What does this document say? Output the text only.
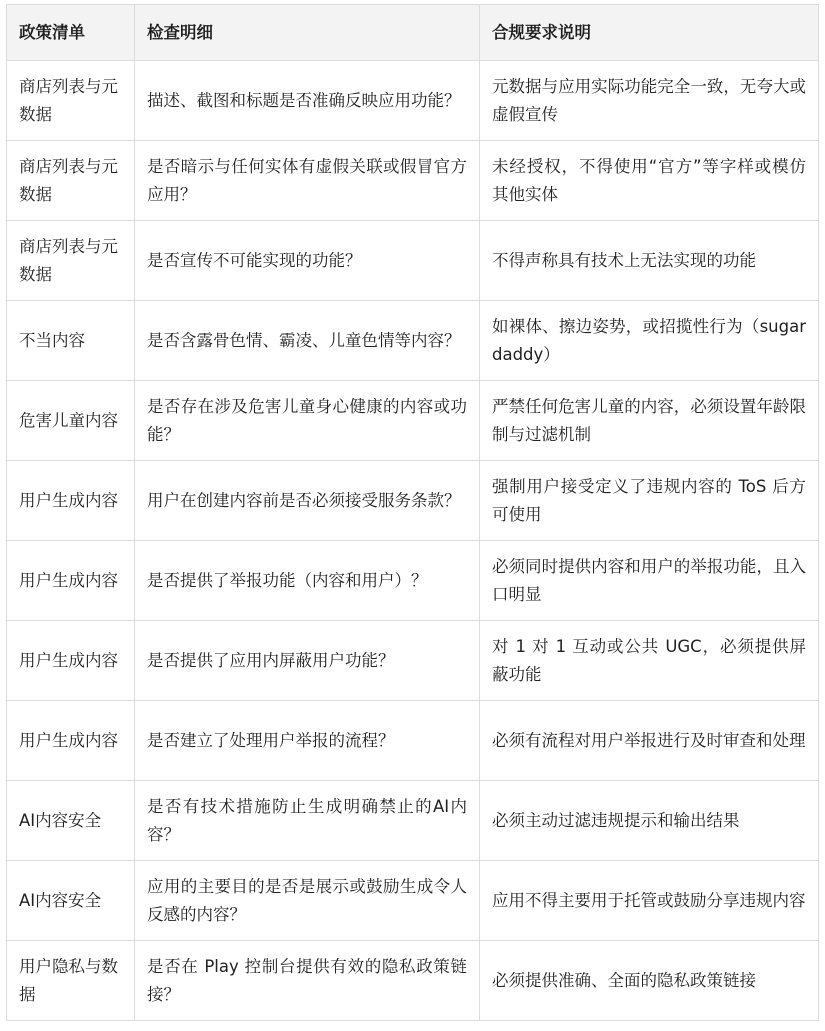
政策清单	检查明细	合规要求说明
商店列表与元数据	描述、截图和标题是否准确反映应用功能？	元数据与应用实际功能完全一致，无夸大或虚假宣传
商店列表与元数据	是否暗示与任何实体有虚假关联或假冒官方应用？	未经授权，不得使用“官方”等字样或模仿其他实体
商店列表与元数据	是否宣传不可能实现的功能？	不得声称具有技术上无法实现的功能
不当内容	是否含露骨色情、霸凌、儿童色情等内容？	如裸体、擦边姿势，或招揽性行为（sugar daddy）
危害儿童内容	是否存在涉及危害儿童身心健康的内容或功能？	严禁任何危害儿童的内容，必须设置年龄限制与过滤机制
用户生成内容	用户在创建内容前是否必须接受服务条款？	强制用户接受定义了违规内容的 ToS 后方可使用
用户生成内容	是否提供了举报功能（内容和用户）？	必须同时提供内容和用户的举报功能，且入口明显
用户生成内容	是否提供了应用内屏蔽用户功能？	对 1 对 1 互动或公共 UGC，必须提供屏蔽功能
用户生成内容	是否建立了处理用户举报的流程？	必须有流程对用户举报进行及时审查和处理
AI内容安全	是否有技术措施防止生成明确禁止的AI内容？	必须主动过滤违规提示和输出结果
AI内容安全	应用的主要目的是否是展示或鼓励生成令人反感的内容？	应用不得主要用于托管或鼓励分享违规内容
用户隐私与数据	是否在 Play 控制台提供有效的隐私政策链接？	必须提供准确、全面的隐私政策链接
